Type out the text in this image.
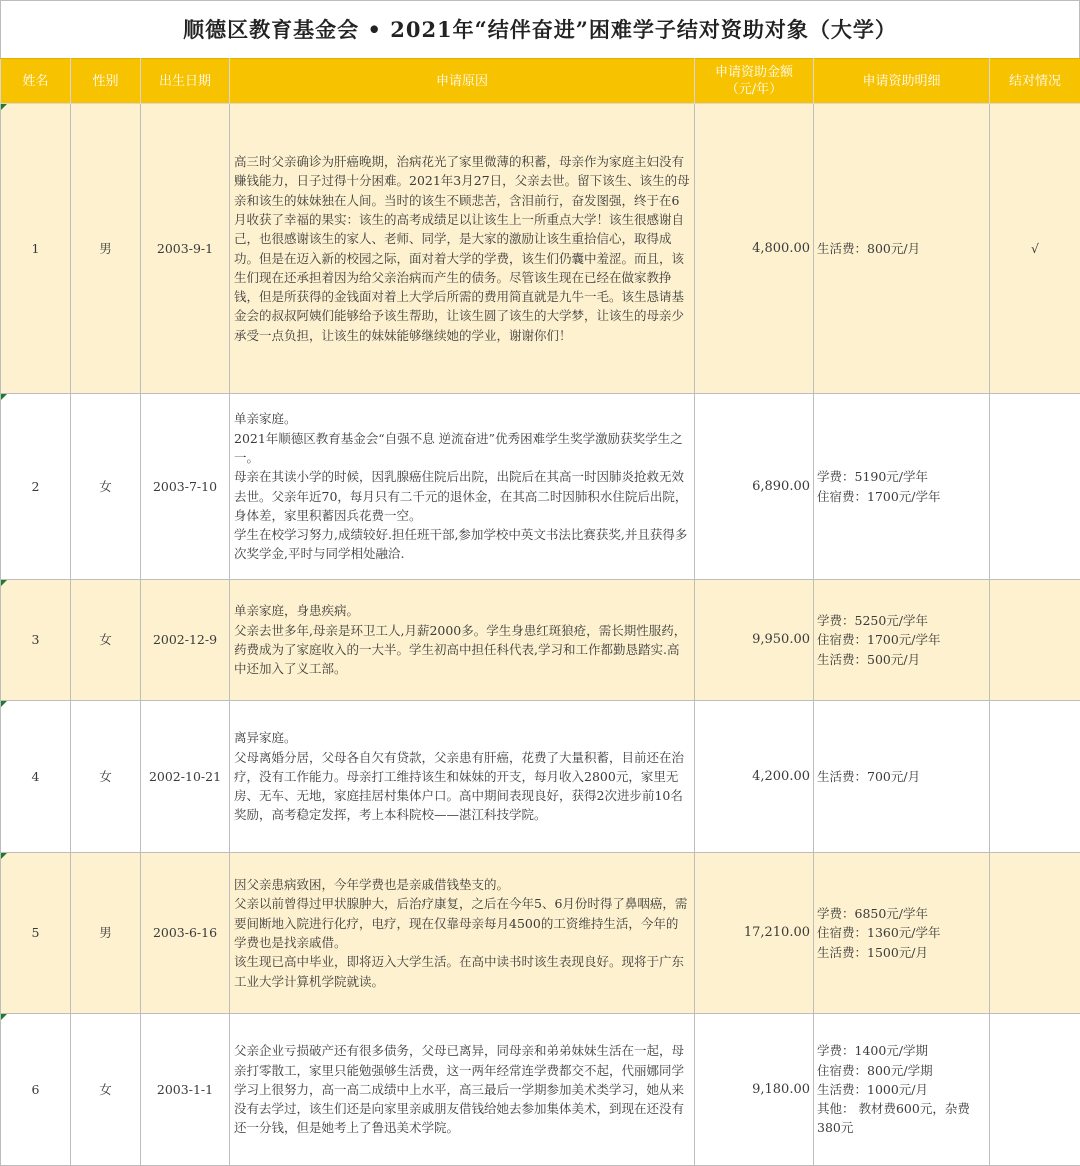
顺德区教育基金会 • 2021年“结伴奋进”困难学子结对资助对象（大学）
姓名	性别	出生日期	申请原因	申请资助金额
（元/年）	申请资助明细	结对情况

1	男	2003-9-1	高三时父亲确诊为肝癌晚期，治病花光了家里微薄的积蓄，母亲作为家庭主妇没有赚钱能力，日子过得十分困难。2021年3月27日，父亲去世。留下该生、该生的母亲和该生的妹妹独在人间。当时的该生不顾悲苦，含泪前行，奋发图强，终于在6月收获了幸福的果实：该生的高考成绩足以让该生上一所重点大学！该生很感谢自己，也很感谢该生的家人、老师、同学，是大家的激励让该生重拾信心，取得成功。但是在迈入新的校园之际，面对着大学的学费，该生们仍囊中羞涩。而且，该生们现在还承担着因为给父亲治病而产生的债务。尽管该生现在已经在做家教挣钱，但是所获得的金钱面对着上大学后所需的费用简直就是九牛一毛。该生恳请基金会的叔叔阿姨们能够给予该生帮助，让该生圆了该生的大学梦，让该生的母亲少承受一点负担，让该生的妹妹能够继续她的学业，谢谢你们！	4,800.00	生活费：800元/月	√

2	女	2003-7-10	单亲家庭。
2021年顺德区教育基金会“自强不息 逆流奋进”优秀困难学生奖学激励获奖学生之一。
母亲在其读小学的时候，因乳腺癌住院后出院，出院后在其高一时因肺炎抢救无效去世。父亲年近70，每月只有二千元的退休金，在其高二时因肺积水住院后出院，身体差，家里积蓄因兵花费一空。
学生在校学习努力,成绩较好.担任班干部,参加学校中英文书法比赛获奖,并且获得多次奖学金,平时与同学相处融洽.	6,890.00	学费：5190元/学年
住宿费：1700元/学年	

3	女	2002-12-9	单亲家庭，身患疾病。
父亲去世多年,母亲是环卫工人,月薪2000多。学生身患红斑狼疮，需长期性服药，药费成为了家庭收入的一大半。学生初高中担任科代表,学习和工作都勤恳踏实.高中还加入了义工部。	9,950.00	学费：5250元/学年
住宿费：1700元/学年
生活费：500元/月	

4	女	2002-10-21	离异家庭。
父母离婚分居，父母各自欠有贷款，父亲患有肝癌，花费了大量积蓄，目前还在治疗，没有工作能力。母亲打工维持该生和妹妹的开支，每月收入2800元，家里无房、无车、无地，家庭挂居村集体户口。高中期间表现良好，获得2次进步前10名奖励，高考稳定发挥，考上本科院校——湛江科技学院。	4,200.00	生活费：700元/月	

5	男	2003-6-16	因父亲患病致困，今年学费也是亲戚借钱垫支的。
父亲以前曾得过甲状腺肿大，后治疗康复，之后在今年5、6月份时得了鼻咽癌，需要间断地入院进行化疗，电疗，现在仅靠母亲每月4500的工资维持生活，今年的学费也是找亲戚借。
该生现已高中毕业，即将迈入大学生活。在高中读书时该生表现良好。现将于广东工业大学计算机学院就读。	17,210.00	学费：6850元/学年
住宿费：1360元/学年
生活费：1500元/月	

6	女	2003-1-1	父亲企业亏损破产还有很多债务，父母已离异，同母亲和弟弟妹妹生活在一起，母亲打零散工，家里只能勉强够生活费，这一两年经常连学费都交不起，代丽娜同学学习上很努力，高一高二成绩中上水平，高三最后一学期参加美术类学习，她从来没有去学过，该生们还是向家里亲戚朋友借钱给她去参加集体美术，到现在还没有还一分钱，但是她考上了鲁迅美术学院。	9,180.00	学费：1400元/学期
住宿费：800元/学期
生活费：1000元/月
其他： 教材费600元，杂费380元	
